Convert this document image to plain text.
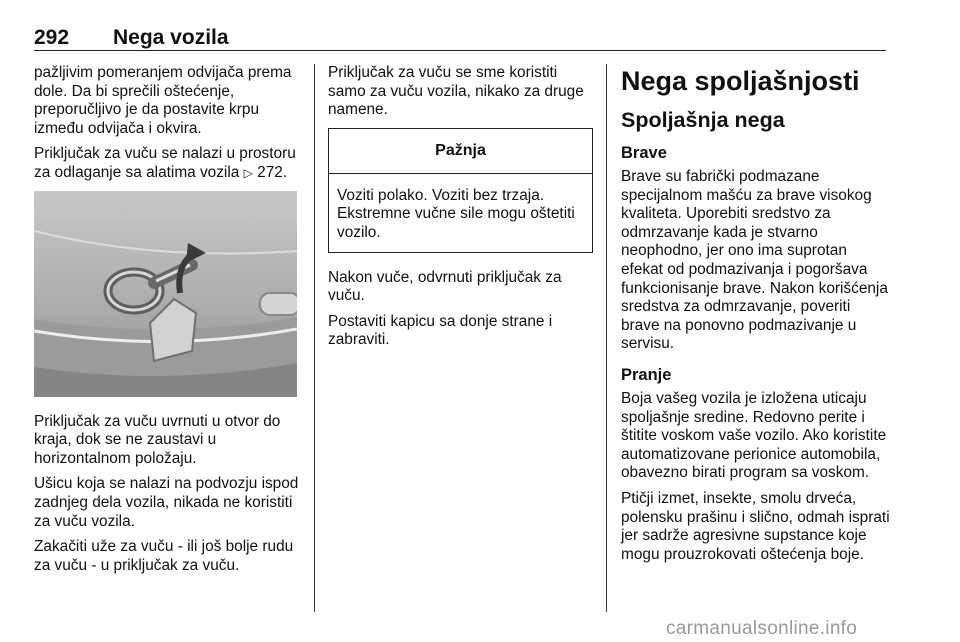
292 Nega vozila

pažljivim pomeranjem odvijača prema dole. Da bi sprečili oštećenje, preporučljivo je da postavite krpu između odvijača i okvira.

Priključak za vuču se nalazi u prostoru za odlaganje sa alatima vozila ▷ 272.

Priključak za vuču uvrnuti u otvor do kraja, dok se ne zaustavi u horizontalnom položaju.

Ušicu koja se nalazi na podvozju ispod zadnjeg dela vozila, nikada ne koristiti za vuču vozila.

Zakačiti uže za vuču - ili još bolje rudu za vuču - u priključak za vuču.

Priključak za vuču se sme koristiti samo za vuču vozila, nikako za druge namene.

Pažnja
Voziti polako. Voziti bez trzaja. Ekstremne vučne sile mogu oštetiti vozilo.

Nakon vuče, odvrnuti priključak za vuču.

Postaviti kapicu sa donje strane i zabraviti.

Nega spoljašnjosti
Spoljašnja nega
Brave

Brave su fabrički podmazane specijalnom mašću za brave visokog kvaliteta. Uporebiti sredstvo za odmrzavanje kada je stvarno neophodno, jer ono ima suprotan efekat od podmazivanja i pogoršava funkcionisanje brave. Nakon korišćenja sredstva za odmrzavanje, poveriti brave na ponovno podmazivanje u servisu.

Pranje

Boja vašeg vozila je izložena uticaju spoljašnje sredine. Redovno perite i štitite voskom vaše vozilo. Ako koristite automatizovane perionice automobila, obavezno birati program sa voskom.

Ptičji izmet, insekte, smolu drveća, polensku prašinu i slično, odmah isprati jer sadrže agresivne supstance koje mogu prouzrokovati oštećenja boje.

carmanualsonline.info
